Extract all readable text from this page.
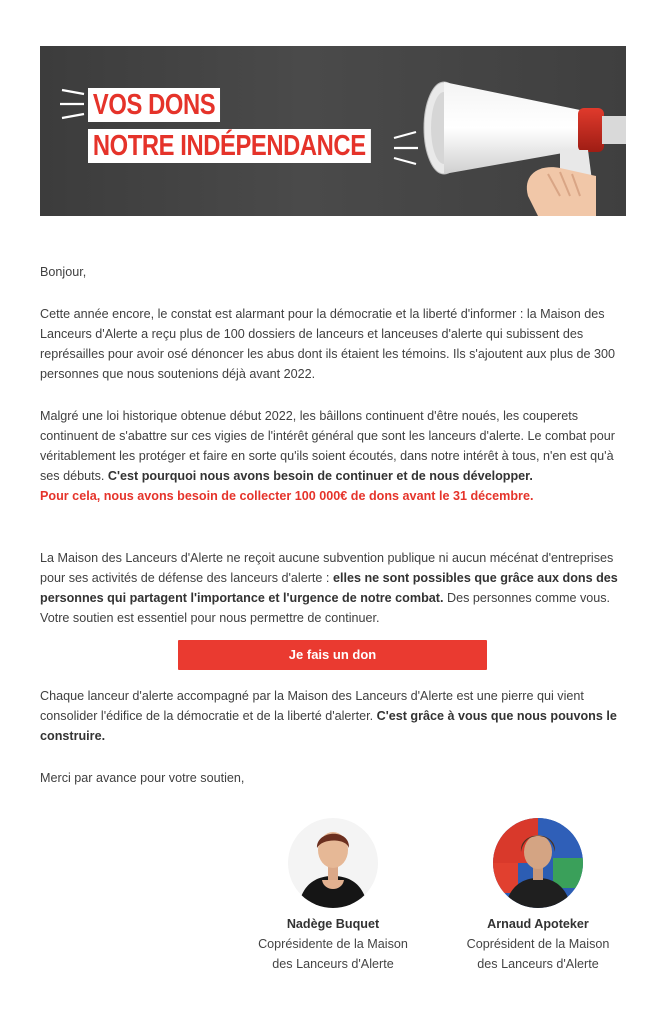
VOS DONS
NOTRE INDÉPENDANCE
Bonjour,
Cette année encore, le constat est alarmant pour la démocratie et la liberté d'informer : la Maison des Lanceurs d'Alerte a reçu plus de 100 dossiers de lanceurs et lanceuses d'alerte qui subissent des représailles pour avoir osé dénoncer les abus dont ils étaient les témoins. Ils s'ajoutent aux plus de 300 personnes que nous soutenions déjà avant 2022.
Malgré une loi historique obtenue début 2022, les bâillons continuent d'être noués, les couperets continuent de s'abattre sur ces vigies de l'intérêt général que sont les lanceurs d'alerte. Le combat pour véritablement les protéger et faire en sorte qu'ils soient écoutés, dans notre intérêt à tous, n'en est qu'à ses débuts. C'est pourquoi nous avons besoin de continuer et de nous développer.
Pour cela, nous avons besoin de collecter 100 000€ de dons avant le 31 décembre.
La Maison des Lanceurs d'Alerte ne reçoit aucune subvention publique ni aucun mécénat d'entreprises pour ses activités de défense des lanceurs d'alerte : elles ne sont possibles que grâce aux dons des personnes qui partagent l'importance et l'urgence de notre combat. Des personnes comme vous. Votre soutien est essentiel pour nous permettre de continuer.
Je fais un don
Chaque lanceur d'alerte accompagné par la Maison des Lanceurs d'Alerte est une pierre qui vient consolider l'édifice de la démocratie et de la liberté d'alerter. C'est grâce à vous que nous pouvons le construire.
Merci par avance pour votre soutien,
Nadège Buquet
Coprésidente de la Maison
des Lanceurs d'Alerte
Arnaud Apoteker
Coprésident de la Maison
des Lanceurs d'Alerte
